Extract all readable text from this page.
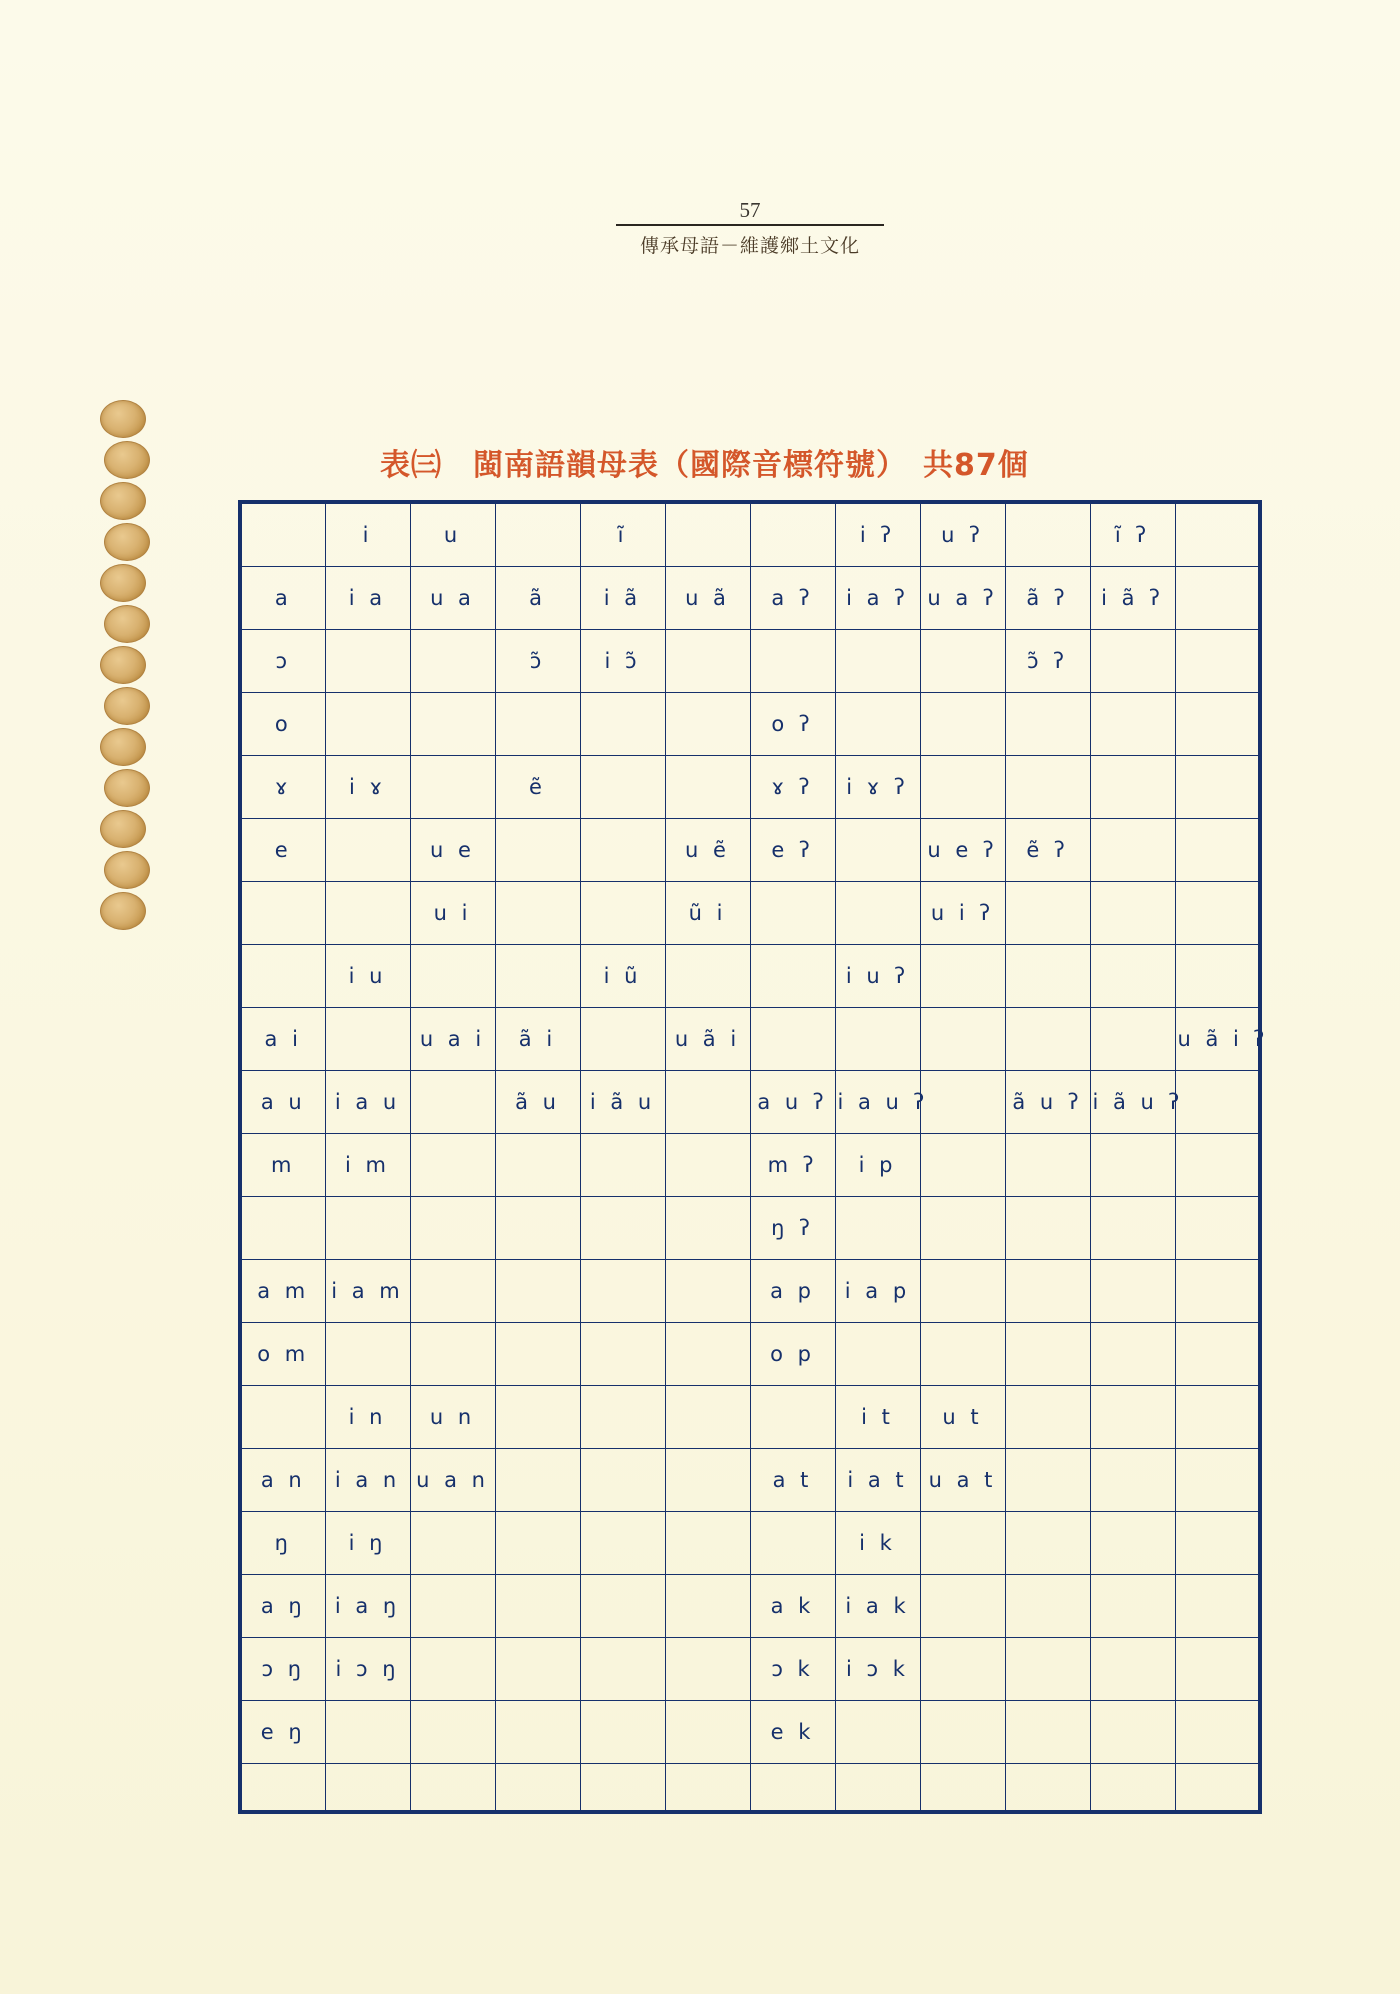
57
傳承母語－維護鄉土文化
表㈢　閩南語韻母表（國際音標符號）　共87個
	i	u		ĩ			i ʔ	u ʔ		ĩ ʔ	
a	i a	u a	ã	i ã	u ã	a ʔ	i a ʔ	u a ʔ	ã ʔ	i ã ʔ	
ɔ			ɔ̃	i ɔ̃					ɔ̃ ʔ		
o						o ʔ					
ɤ	i ɤ		ẽ			ɤ ʔ	i ɤ ʔ				
e		u e			u ẽ	e ʔ		u e ʔ	ẽ ʔ		
		u i			ũ i			u i ʔ			
	i u			i ũ			i u ʔ				
a i		u a i	ã i		u ã i						u ã i ʔ
a u	i a u		ã u	i ã u		a u ʔ	i a u ʔ		ã u ʔ	i ã u ʔ	
m	i m					m ʔ	i p				
						ŋ ʔ					
a m	i a m					a p	i a p				
o m						o p					
	i n	u n					i t	u t			
a n	i a n	u a n				a t	i a t	u a t			
ŋ	i ŋ						i k				
a ŋ	i a ŋ					a k	i a k				
ɔ ŋ	i ɔ ŋ					ɔ k	i ɔ k				
e ŋ						e k					
